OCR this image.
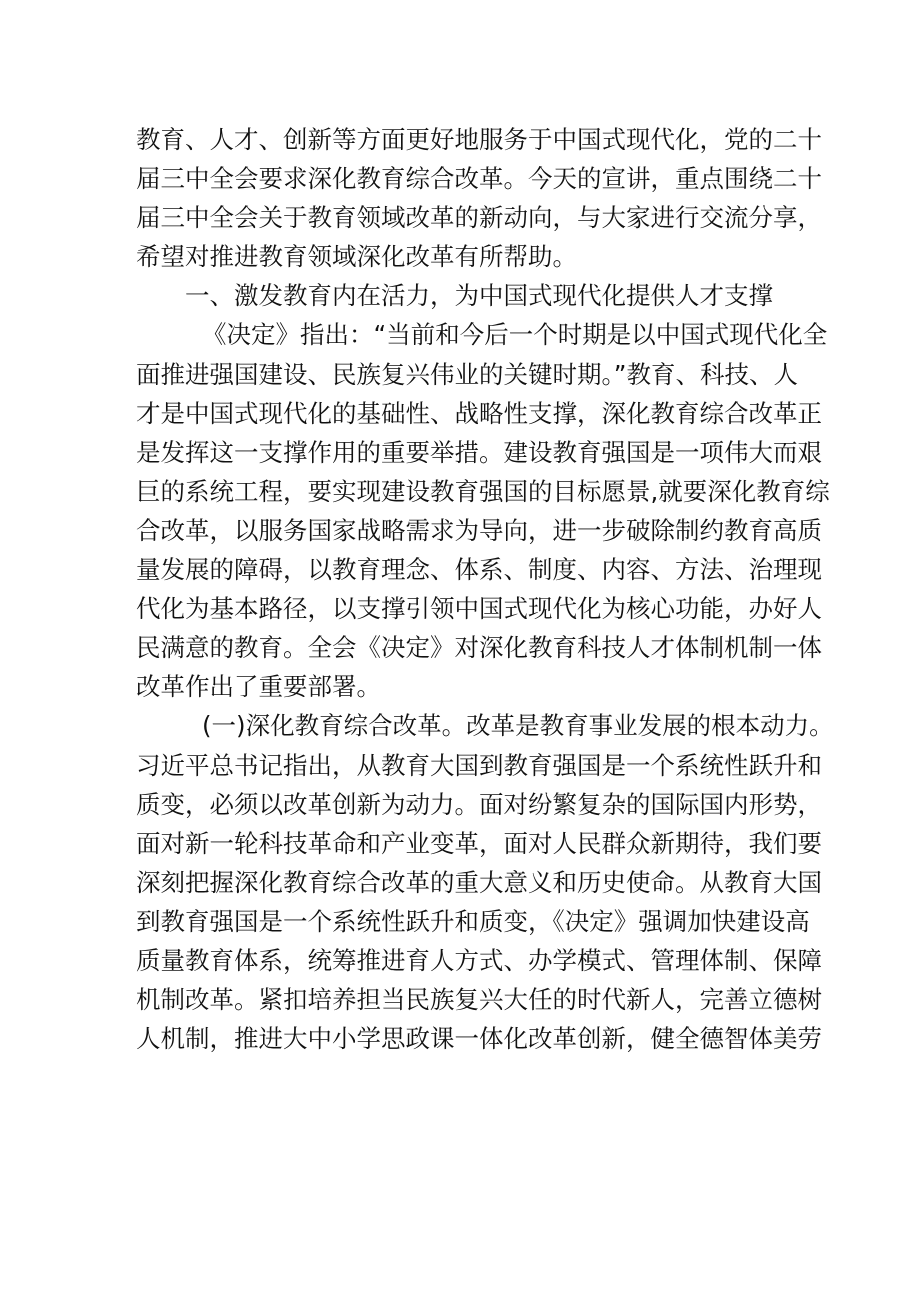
教育、人才、创新等方面更好地服务于中国式现代化，党的二十
届三中全会要求深化教育综合改革。今天的宣讲，重点围绕二十
届三中全会关于教育领域改革的新动向，与大家进行交流分享，
希望对推进教育领域深化改革有所帮助。
一、激发教育内在活力，为中国式现代化提供人才支撑
《决定》指出：“当前和今后一个时期是以中国式现代化全
面推进强国建设、民族复兴伟业的关键时期。”教育、科技、人
才是中国式现代化的基础性、战略性支撑，深化教育综合改革正
是发挥这一支撑作用的重要举措。建设教育强国是一项伟大而艰
巨的系统工程，要实现建设教育强国的目标愿景,就要深化教育综
合改革，以服务国家战略需求为导向，进一步破除制约教育高质
量发展的障碍，以教育理念、体系、制度、内容、方法、治理现
代化为基本路径，以支撑引领中国式现代化为核心功能，办好人
民满意的教育。全会《决定》对深化教育科技人才体制机制一体
改革作出了重要部署。
(一)深化教育综合改革。改革是教育事业发展的根本动力。
习近平总书记指出，从教育大国到教育强国是一个系统性跃升和
质变，必须以改革创新为动力。面对纷繁复杂的国际国内形势，
面对新一轮科技革命和产业变革，面对人民群众新期待，我们要
深刻把握深化教育综合改革的重大意义和历史使命。从教育大国
到教育强国是一个系统性跃升和质变，《决定》强调加快建设高
质量教育体系，统筹推进育人方式、办学模式、管理体制、保障
机制改革。紧扣培养担当民族复兴大任的时代新人，完善立德树
人机制，推进大中小学思政课一体化改革创新，健全德智体美劳
